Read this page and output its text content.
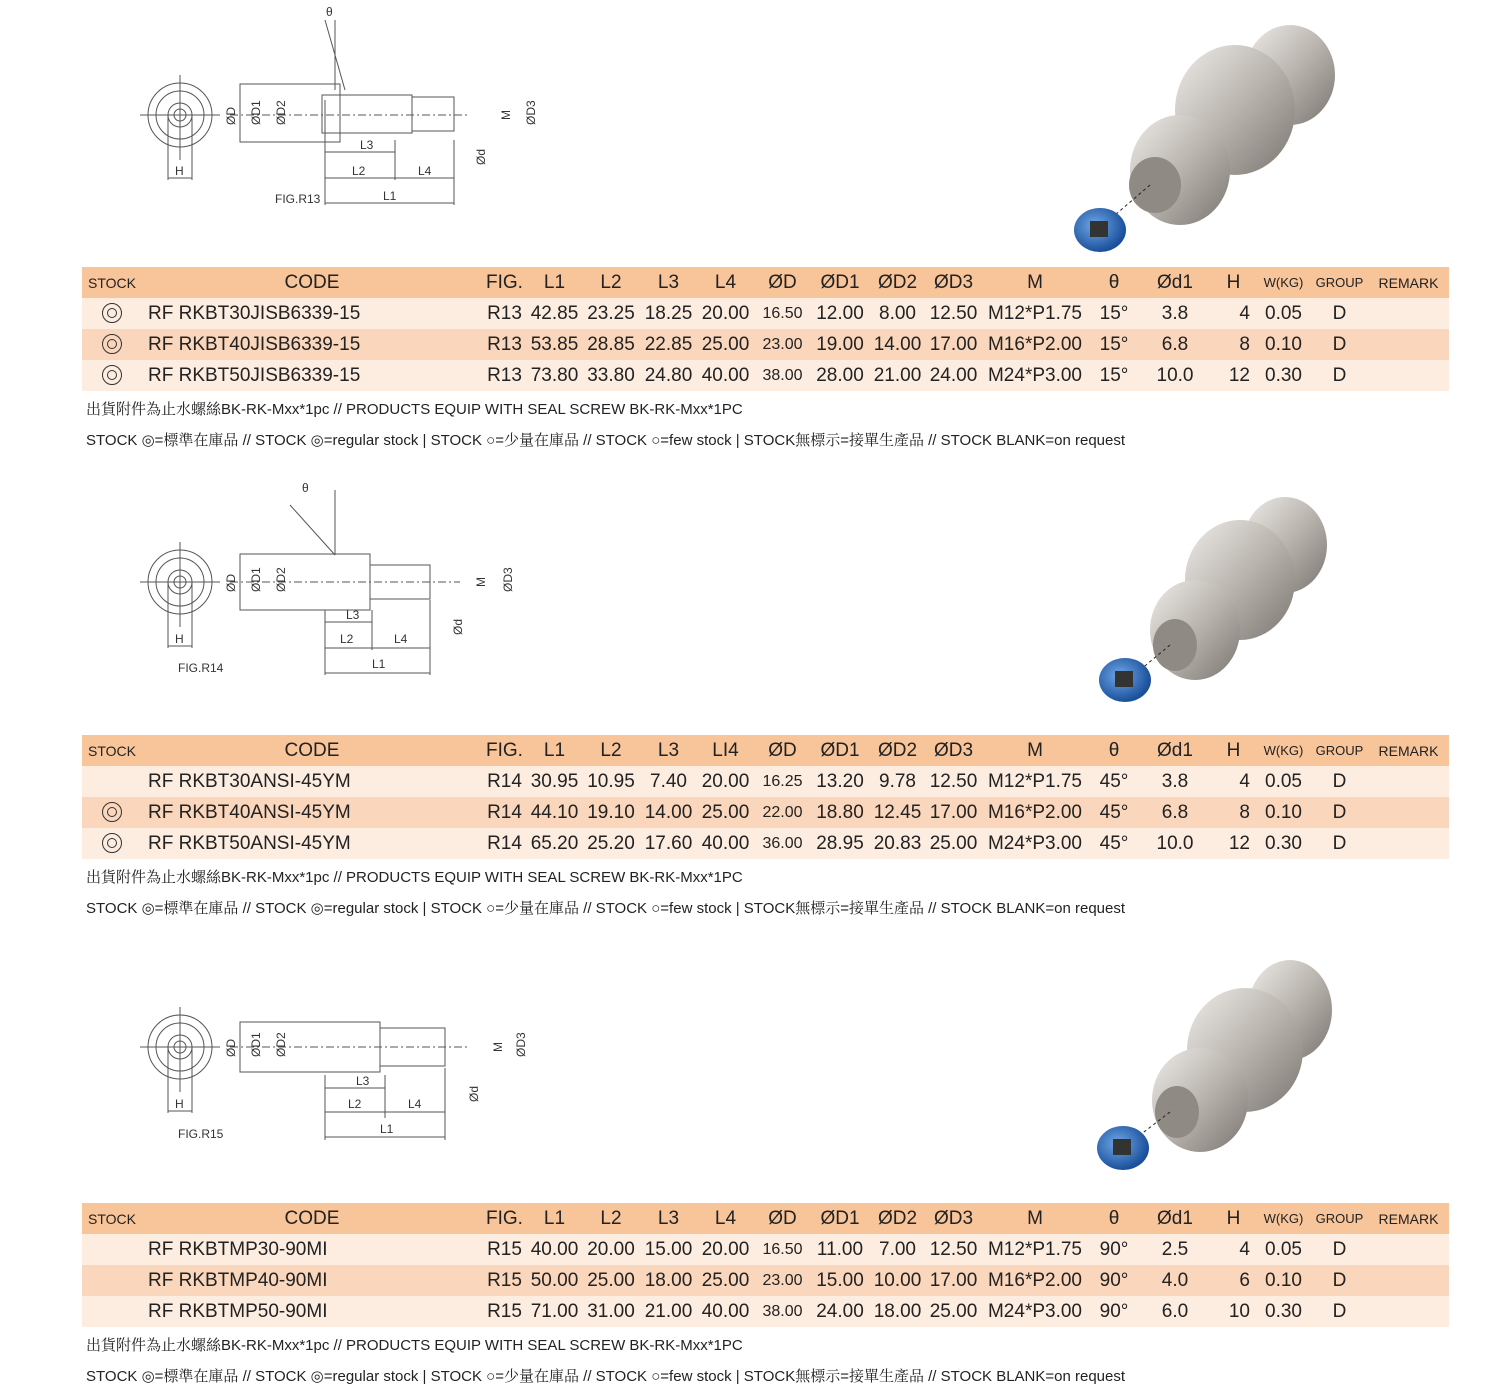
θ
ØD ØD1 ØD2	M ØD3
Ød
H
L3
L2	L4
L1
FIG.R13
STOCK	CODE	FIG.	L1	L2	L3	L4	ØD	ØD1	ØD2	ØD3	M	θ	Ød1	H	W(KG)	GROUP	REMARK
	RF RKBT30JISB6339-15	R13	42.85	23.25	18.25	20.00	16.50	12.00	8.00	12.50	M12*P1.75	15°	3.8	4	0.05	D	
	RF RKBT40JISB6339-15	R13	53.85	28.85	22.85	25.00	23.00	19.00	14.00	17.00	M16*P2.00	15°	6.8	8	0.10	D	
	RF RKBT50JISB6339-15	R13	73.80	33.80	24.80	40.00	38.00	28.00	21.00	24.00	M24*P3.00	15°	10.0	12	0.30	D	
出貨附件為止水螺絲BK-RK-Mxx*1pc // PRODUCTS EQUIP WITH SEAL SCREW BK-RK-Mxx*1PC
STOCK ◎=標準在庫品 // STOCK ◎=regular stock | STOCK ○=少量在庫品 // STOCK ○=few stock | STOCK無標示=接單生產品 // STOCK BLANK=on request
θ
ØD ØD1 ØD2	M ØD3
Ød
H
L3
L2	L4
L1
FIG.R14
STOCK	CODE	FIG.	L1	L2	L3	LI4	ØD	ØD1	ØD2	ØD3	M	θ	Ød1	H	W(KG)	GROUP	REMARK
	RF RKBT30ANSI-45YM	R14	30.95	10.95	7.40	20.00	16.25	13.20	9.78	12.50	M12*P1.75	45°	3.8	4	0.05	D	
	RF RKBT40ANSI-45YM	R14	44.10	19.10	14.00	25.00	22.00	18.80	12.45	17.00	M16*P2.00	45°	6.8	8	0.10	D	
	RF RKBT50ANSI-45YM	R14	65.20	25.20	17.60	40.00	36.00	28.95	20.83	25.00	M24*P3.00	45°	10.0	12	0.30	D	
出貨附件為止水螺絲BK-RK-Mxx*1pc // PRODUCTS EQUIP WITH SEAL SCREW BK-RK-Mxx*1PC
STOCK ◎=標準在庫品 // STOCK ◎=regular stock | STOCK ○=少量在庫品 // STOCK ○=few stock | STOCK無標示=接單生產品 // STOCK BLANK=on request
ØD ØD1 ØD2	M ØD3
Ød
H
L3
L2	L4
L1
FIG.R15
STOCK	CODE	FIG.	L1	L2	L3	L4	ØD	ØD1	ØD2	ØD3	M	θ	Ød1	H	W(KG)	GROUP	REMARK
	RF RKBTMP30-90MI	R15	40.00	20.00	15.00	20.00	16.50	11.00	7.00	12.50	M12*P1.75	90°	2.5	4	0.05	D	
	RF RKBTMP40-90MI	R15	50.00	25.00	18.00	25.00	23.00	15.00	10.00	17.00	M16*P2.00	90°	4.0	6	0.10	D	
	RF RKBTMP50-90MI	R15	71.00	31.00	21.00	40.00	38.00	24.00	18.00	25.00	M24*P3.00	90°	6.0	10	0.30	D	
出貨附件為止水螺絲BK-RK-Mxx*1pc // PRODUCTS EQUIP WITH SEAL SCREW BK-RK-Mxx*1PC
STOCK ◎=標準在庫品 // STOCK ◎=regular stock | STOCK ○=少量在庫品 // STOCK ○=few stock | STOCK無標示=接單生產品 // STOCK BLANK=on request
